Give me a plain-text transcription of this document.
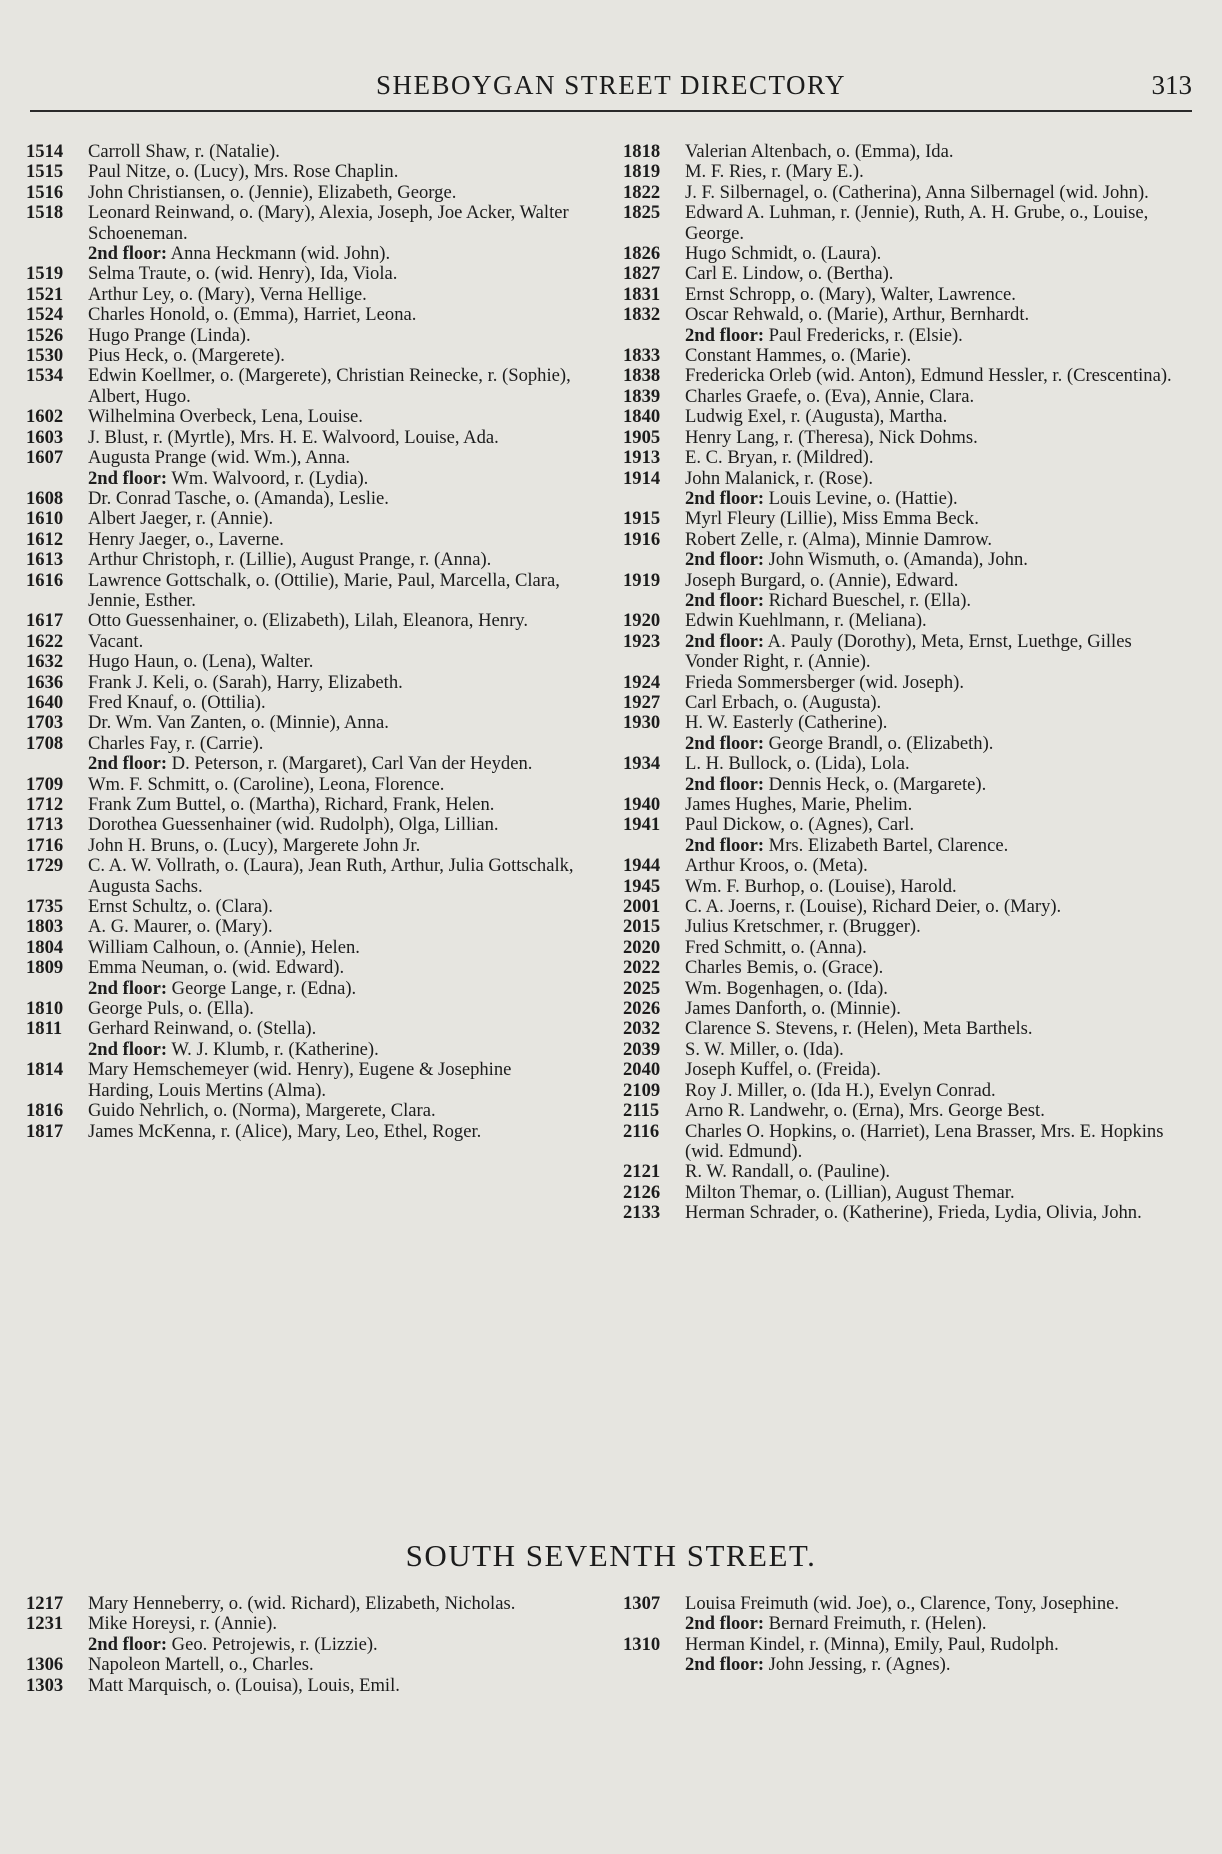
SHEBOYGAN STREET DIRECTORY	313
1514 Carroll Shaw, r. (Natalie).
1515 Paul Nitze, o. (Lucy), Mrs. Rose Chaplin.
1516 John Christiansen, o. (Jennie), Elizabeth, George.
1518 Leonard Reinwand, o. (Mary), Alexia, Joseph, Joe Acker, Walter Schoeneman.
2nd floor: Anna Heckmann (wid. John).
1519 Selma Traute, o. (wid. Henry), Ida, Viola.
1521 Arthur Ley, o. (Mary), Verna Hellige.
1524 Charles Honold, o. (Emma), Harriet, Leona.
1526 Hugo Prange (Linda).
1530 Pius Heck, o. (Margerete).
1534 Edwin Koellmer, o. (Margerete), Christian Reinecke, r. (Sophie), Albert, Hugo.
1602 Wilhelmina Overbeck, Lena, Louise.
1603 J. Blust, r. (Myrtle), Mrs. H. E. Walvoord, Louise, Ada.
1607 Augusta Prange (wid. Wm.), Anna.
2nd floor: Wm. Walvoord, r. (Lydia).
1608 Dr. Conrad Tasche, o. (Amanda), Leslie.
1610 Albert Jaeger, r. (Annie).
1612 Henry Jaeger, o., Laverne.
1613 Arthur Christoph, r. (Lillie), August Prange, r. (Anna).
1616 Lawrence Gottschalk, o. (Ottilie), Marie, Paul, Marcella, Clara, Jennie, Esther.
1617 Otto Guessenhainer, o. (Elizabeth), Lilah, Eleanora, Henry.
1622 Vacant.
1632 Hugo Haun, o. (Lena), Walter.
1636 Frank J. Keli, o. (Sarah), Harry, Elizabeth.
1640 Fred Knauf, o. (Ottilia).
1703 Dr. Wm. Van Zanten, o. (Minnie), Anna.
1708 Charles Fay, r. (Carrie).
2nd floor: D. Peterson, r. (Margaret), Carl Van der Heyden.
1709 Wm. F. Schmitt, o. (Caroline), Leona, Florence.
1712 Frank Zum Buttel, o. (Martha), Richard, Frank, Helen.
1713 Dorothea Guessenhainer (wid. Rudolph), Olga, Lillian.
1716 John H. Bruns, o. (Lucy), Margerete John Jr.
1729 C. A. W. Vollrath, o. (Laura), Jean Ruth, Arthur, Julia Gottschalk, Augusta Sachs.
1735 Ernst Schultz, o. (Clara).
1803 A. G. Maurer, o. (Mary).
1804 William Calhoun, o. (Annie), Helen.
1809 Emma Neuman, o. (wid. Edward).
2nd floor: George Lange, r. (Edna).
1810 George Puls, o. (Ella).
1811 Gerhard Reinwand, o. (Stella).
2nd floor: W. J. Klumb, r. (Katherine).
1814 Mary Hemschemeyer (wid. Henry), Eugene & Josephine Harding, Louis Mertins (Alma).
1816 Guido Nehrlich, o. (Norma), Margerete, Clara.
1817 James McKenna, r. (Alice), Mary, Leo, Ethel, Roger.
1818 Valerian Altenbach, o. (Emma), Ida.
1819 M. F. Ries, r. (Mary E.).
1822 J. F. Silbernagel, o. (Catherina), Anna Silbernagel (wid. John).
1825 Edward A. Luhman, r. (Jennie), Ruth, A. H. Grube, o., Louise, George.
1826 Hugo Schmidt, o. (Laura).
1827 Carl E. Lindow, o. (Bertha).
1831 Ernst Schropp, o. (Mary), Walter, Lawrence.
1832 Oscar Rehwald, o. (Marie), Arthur, Bernhardt.
2nd floor: Paul Fredericks, r. (Elsie).
1833 Constant Hammes, o. (Marie).
1838 Fredericka Orleb (wid. Anton), Edmund Hessler, r. (Crescentina).
1839 Charles Graefe, o. (Eva), Annie, Clara.
1840 Ludwig Exel, r. (Augusta), Martha.
1905 Henry Lang, r. (Theresa), Nick Dohms.
1913 E. C. Bryan, r. (Mildred).
1914 John Malanick, r. (Rose).
2nd floor: Louis Levine, o. (Hattie).
1915 Myrl Fleury (Lillie), Miss Emma Beck.
1916 Robert Zelle, r. (Alma), Minnie Damrow.
2nd floor: John Wismuth, o. (Amanda), John.
1919 Joseph Burgard, o. (Annie), Edward.
2nd floor: Richard Bueschel, r. (Ella).
1920 Edwin Kuehlmann, r. (Meliana).
1923 2nd floor: A. Pauly (Dorothy), Meta, Ernst, Luethge, Gilles Vonder Right, r. (Annie).
1924 Frieda Sommersberger (wid. Joseph).
1927 Carl Erbach, o. (Augusta).
1930 H. W. Easterly (Catherine).
2nd floor: George Brandl, o. (Elizabeth).
1934 L. H. Bullock, o. (Lida), Lola.
2nd floor: Dennis Heck, o. (Margarete).
1940 James Hughes, Marie, Phelim.
1941 Paul Dickow, o. (Agnes), Carl.
2nd floor: Mrs. Elizabeth Bartel, Clarence.
1944 Arthur Kroos, o. (Meta).
1945 Wm. F. Burhop, o. (Louise), Harold.
2001 C. A. Joerns, r. (Louise), Richard Deier, o. (Mary).
2015 Julius Kretschmer, r. (Brugger).
2020 Fred Schmitt, o. (Anna).
2022 Charles Bemis, o. (Grace).
2025 Wm. Bogenhagen, o. (Ida).
2026 James Danforth, o. (Minnie).
2032 Clarence S. Stevens, r. (Helen), Meta Barthels.
2039 S. W. Miller, o. (Ida).
2040 Joseph Kuffel, o. (Freida).
2109 Roy J. Miller, o. (Ida H.), Evelyn Conrad.
2115 Arno R. Landwehr, o. (Erna), Mrs. George Best.
2116 Charles O. Hopkins, o. (Harriet), Lena Brasser, Mrs. E. Hopkins (wid. Edmund).
2121 R. W. Randall, o. (Pauline).
2126 Milton Themar, o. (Lillian), August Themar.
2133 Herman Schrader, o. (Katherine), Frieda, Lydia, Olivia, John.
SOUTH SEVENTH STREET.
1217 Mary Henneberry, o. (wid. Richard), Elizabeth, Nicholas.
1231 Mike Horeysi, r. (Annie).
2nd floor: Geo. Petrojewis, r. (Lizzie).
1306 Napoleon Martell, o., Charles.
1303 Matt Marquisch, o. (Louisa), Louis, Emil.
1307 Louisa Freimuth (wid. Joe), o., Clarence, Tony, Josephine.
2nd floor: Bernard Freimuth, r. (Helen).
1310 Herman Kindel, r. (Minna), Emily, Paul, Rudolph.
2nd floor: John Jessing, r. (Agnes).
